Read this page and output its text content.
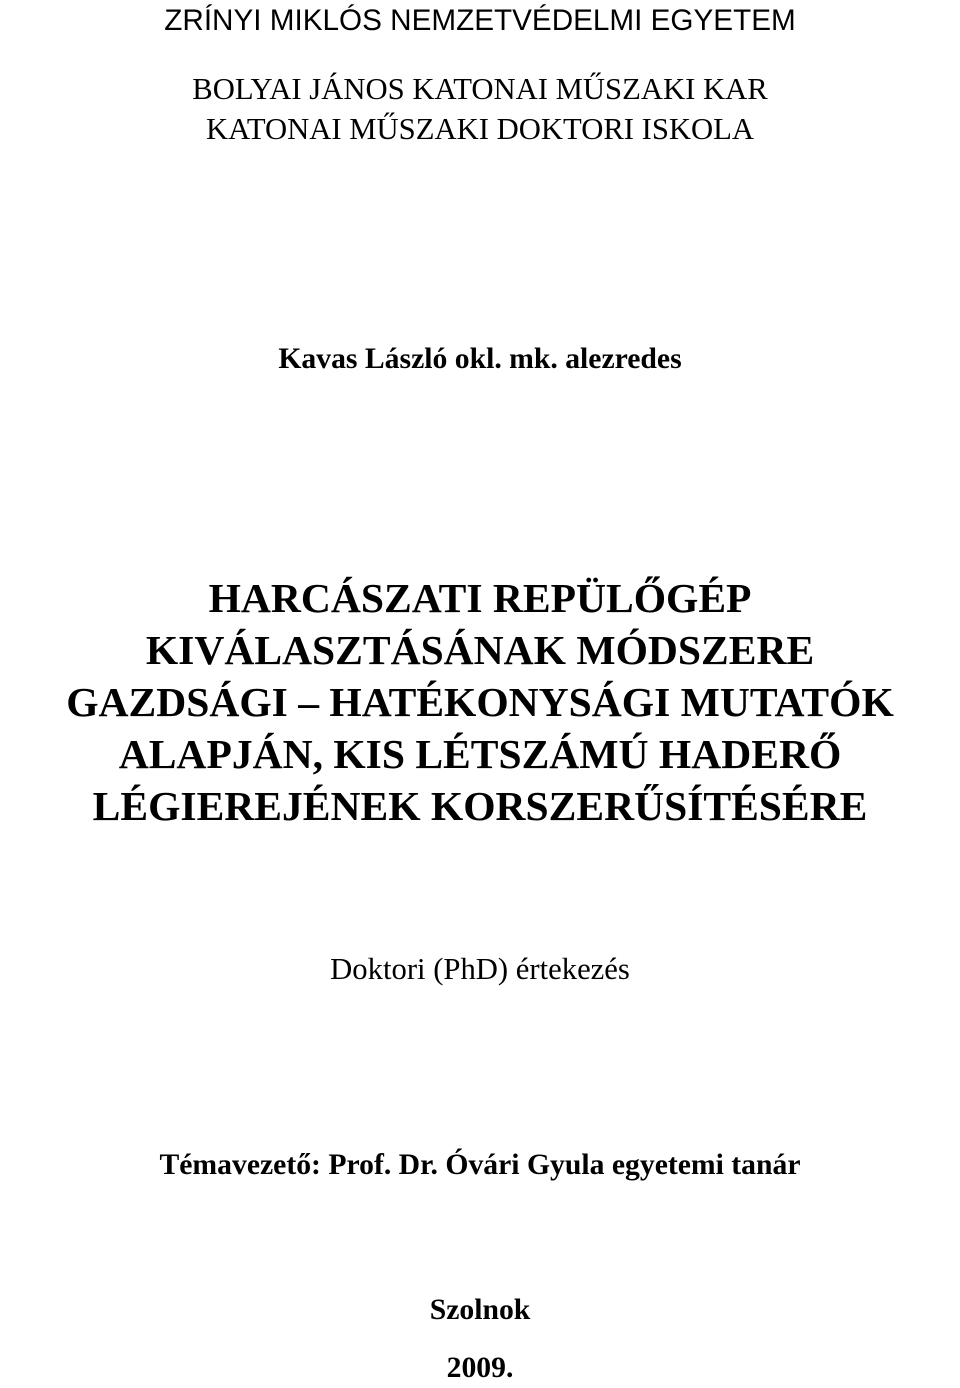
ZRÍNYI MIKLÓS NEMZETVÉDELMI EGYETEM
BOLYAI JÁNOS KATONAI MŰSZAKI KAR
KATONAI MŰSZAKI DOKTORI ISKOLA
Kavas László okl. mk. alezredes
HARCÁSZATI REPÜLŐGÉP
KIVÁLASZTÁSÁNAK MÓDSZERE
GAZDSÁGI – HATÉKONYSÁGI MUTATÓK
ALAPJÁN, KIS LÉTSZÁMÚ HADERŐ
LÉGIEREJÉNEK KORSZERŰSÍTÉSÉRE
Doktori (PhD) értekezés
Témavezető: Prof. Dr. Óvári Gyula egyetemi tanár
Szolnok
2009.
